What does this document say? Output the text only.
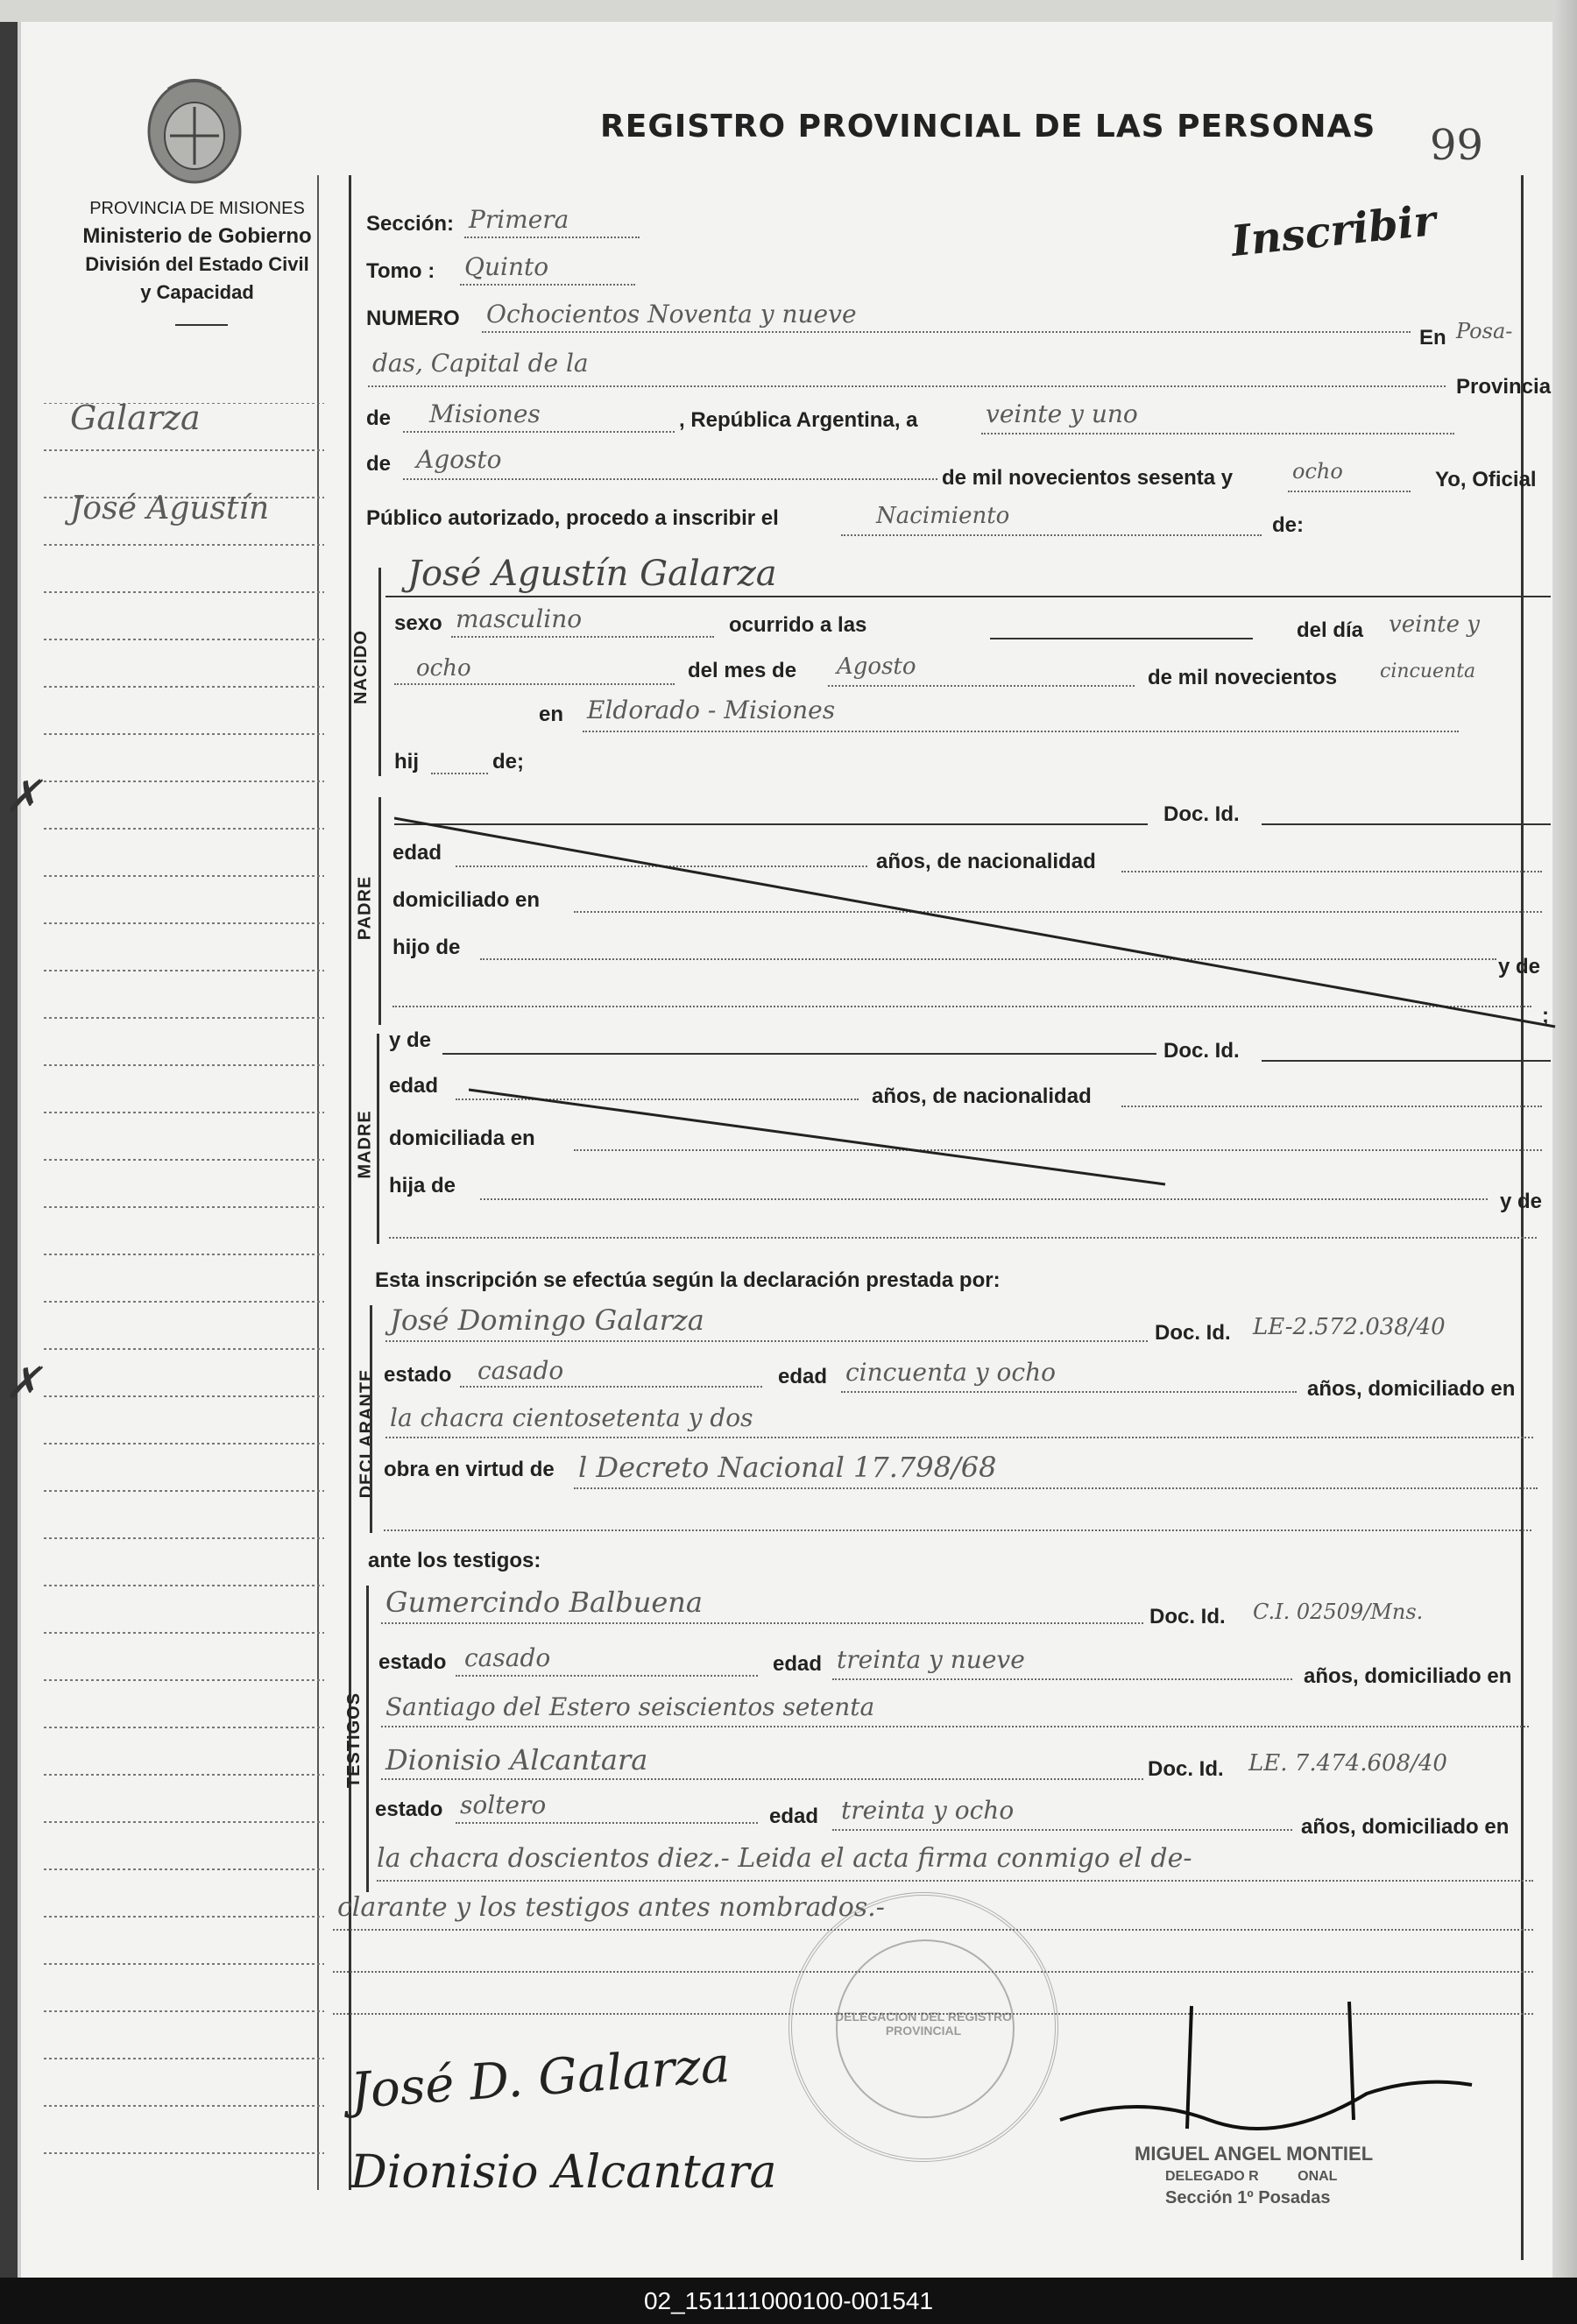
PROVINCIA DE MISIONES
Ministerio de Gobierno
División del Estado Civil
y Capacidad
REGISTRO PROVINCIAL DE LAS PERSONAS 99
Inscribir
Galarza
José Agustín
✗
✗
Sección: Primera
Tomo : Quinto
NUMERO Ochocientos Noventa y nueve
En Posa-
das, Capital de la
Provincia
de Misiones	, República Argentina, a	veinte y uno
de Agosto
de mil novecientos sesenta y	ocho	Yo, Oficial
Público autorizado, procedo a inscribir el	Nacimiento	de:
NACIDO
José Agustín Galarza
sexo masculino	ocurrido a las	del día veinte y
ocho	del mes de Agosto	de mil novecientos cincuenta
en Eldorado - Misiones
hij	de;
PADRE
Doc. Id.
edad	años, de nacionalidad
domiciliado en
hijo de
y de
;
MADRE
y de	Doc. Id.
edad	años, de nacionalidad
domiciliada en
hija de
y de
Esta inscripción se efectúa según la declaración prestada por:
DECLARANTE
José Domingo Galarza	Doc. Id. LE-2.572.038/40
estado casado	edad cincuenta y ocho
años, domiciliado en
la chacra cientosetenta y dos
obra en virtud de l Decreto Nacional 17.798/68
ante los testigos:
TESTIGOS
Gumercindo Balbuena	Doc. Id. C.I. 02509/Mns.
estado casado	edad treinta y nueve
años, domiciliado en
Santiago del Estero seiscientos setenta
Dionisio Alcantara	Doc. Id. LE. 7.474.608/40
estado soltero	edad treinta y ocho
años, domiciliado en
la chacra doscientos diez.- Leida el acta firma conmigo el de-
clarante y los testigos antes nombrados.-
José D. Galarza
Dionisio Alcantara
DELEGACION DEL REGISTRO PROVINCIAL
MIGUEL ANGEL MONTIEL
DELEGADO R          ONAL
Sección 1º Posadas
02_151111000100-001541
